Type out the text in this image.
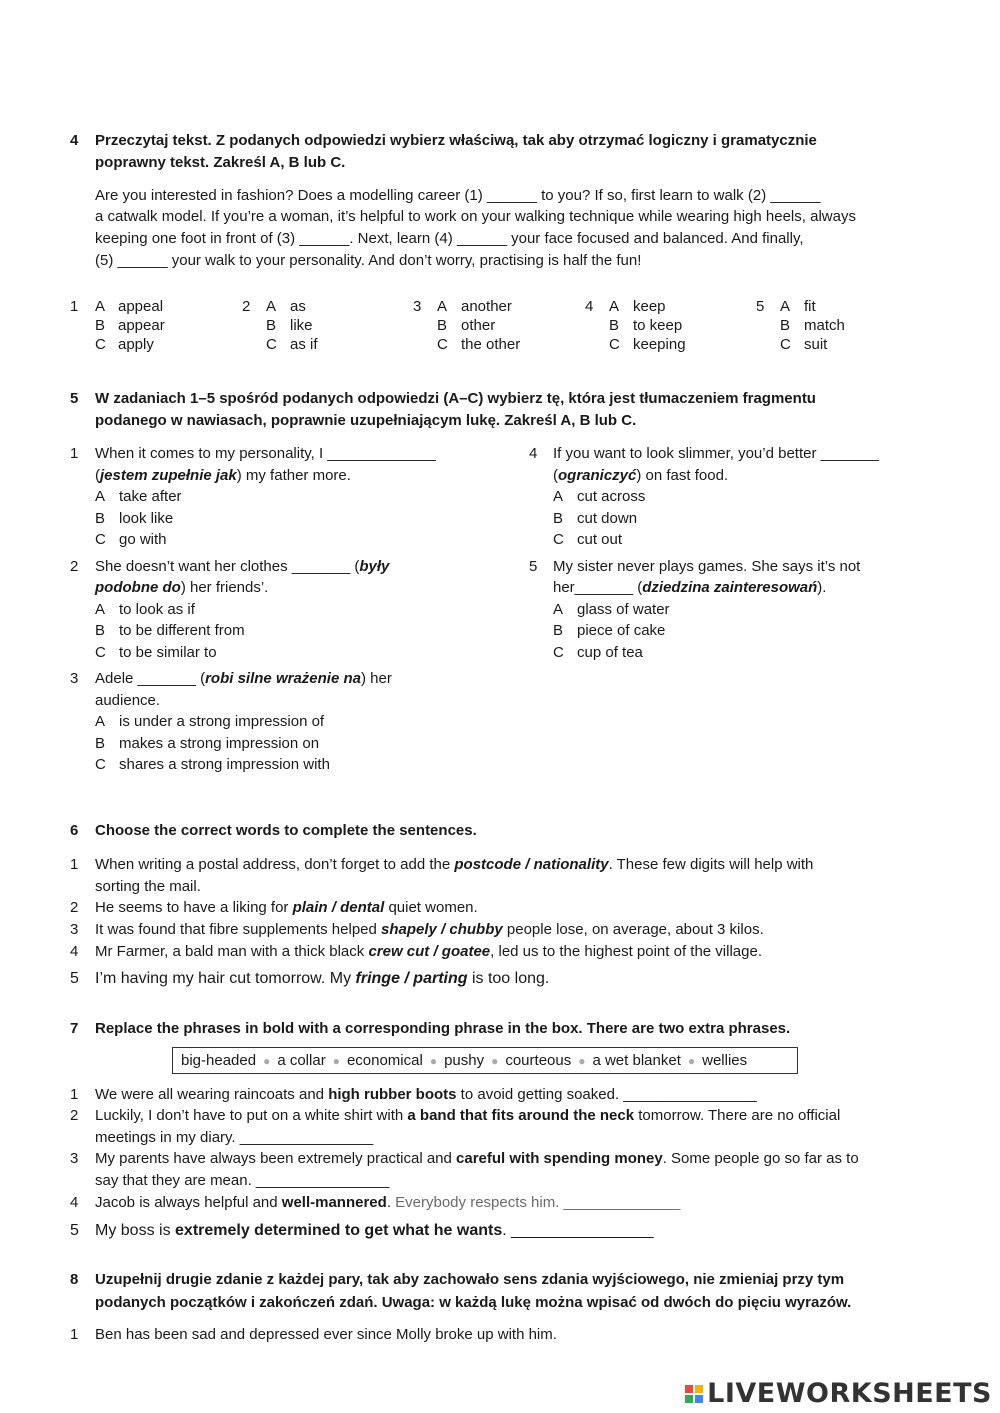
4 Przeczytaj tekst. Z podanych odpowiedzi wybierz właściwą, tak aby otrzymać logiczny i gramatycznie
poprawny tekst. Zakreśl A, B lub C.
Are you interested in fashion? Does a modelling career (1) ______ to you? If so, first learn to walk (2) ______
a catwalk model. If you’re a woman, it’s helpful to work on your walking technique while wearing high heels, always
keeping one foot in front of (3) ______. Next, learn (4) ______ your face focused and balanced. And finally,
(5) ______ your walk to your personality. And don’t worry, practising is half the fun!
1 A appeal
B appear
C apply
2 A as
B like
C as if
3 A another
B other
C the other
4 A keep
B to keep
C keeping
5 A fit
B match
C suit
5 W zadaniach 1–5 spośród podanych odpowiedzi (A–C) wybierz tę, która jest tłumaczeniem fragmentu
podanego w nawiasach, poprawnie uzupełniającym lukę. Zakreśl A, B lub C.
1 When it comes to my personality, I _____________
(jestem zupełnie jak) my father more.
A take after
B look like
C go with
2 She doesn’t want her clothes _______ (były
podobne do) her friends’.
A to look as if
B to be different from
C to be similar to
3 Adele _______ (robi silne wrażenie na) her
audience.
A is under a strong impression of
B makes a strong impression on
C shares a strong impression with
4 If you want to look slimmer, you’d better _______
(ograniczyć) on fast food.
A cut across
B cut down
C cut out
5 My sister never plays games. She says it’s not
her_______ (dziedzina zainteresowań).
A glass of water
B piece of cake
C cup of tea
6 Choose the correct words to complete the sentences.
1 When writing a postal address, don’t forget to add the postcode / nationality. These few digits will help with
sorting the mail.
2 He seems to have a liking for plain / dental quiet women.
3 It was found that fibre supplements helped shapely / chubby people lose, on average, about 3 kilos.
4 Mr Farmer, a bald man with a thick black crew cut / goatee, led us to the highest point of the village.
5 I’m having my hair cut tomorrow. My fringe / parting is too long.
7 Replace the phrases in bold with a corresponding phrase in the box. There are two extra phrases.
big-headed ● a collar ● economical ● pushy ● courteous ● a wet blanket ● wellies
1 We were all wearing raincoats and high rubber boots to avoid getting soaked. ________________
2 Luckily, I don’t have to put on a white shirt with a band that fits around the neck tomorrow. There are no official
meetings in my diary. ________________
3 My parents have always been extremely practical and careful with spending money. Some people go so far as to
say that they are mean. ________________
4 Jacob is always helpful and well-mannered. Everybody respects him. ______________
5 My boss is extremely determined to get what he wants. ________________
8 Uzupełnij drugie zdanie z każdej pary, tak aby zachowało sens zdania wyjściowego, nie zmieniaj przy tym
podanych początków i zakończeń zdań. Uwaga: w każdą lukę można wpisać od dwóch do pięciu wyrazów.
1 Ben has been sad and depressed ever since Molly broke up with him.
LIVEWORKSHEETS
